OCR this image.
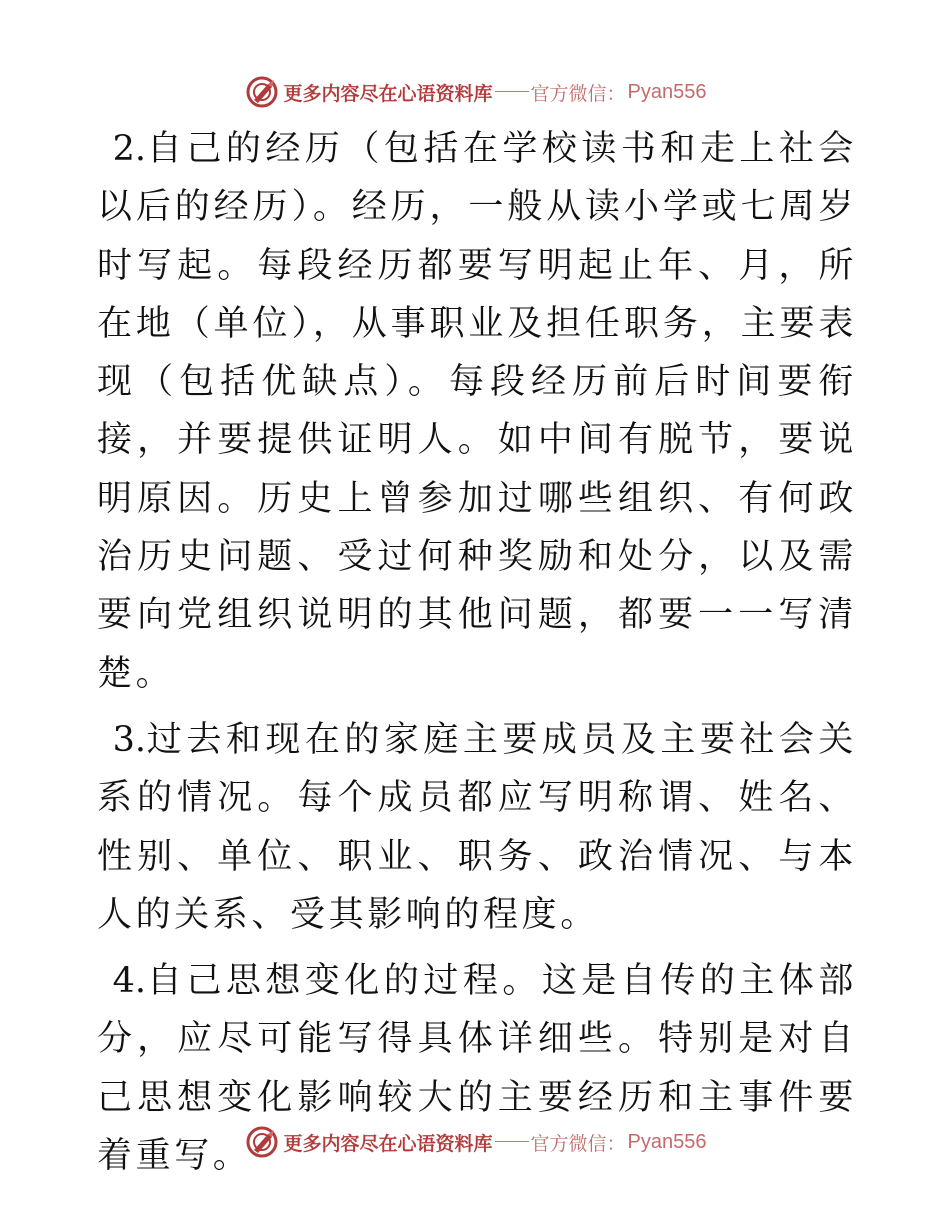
更多内容尽在心语资料库 官方微信： Pyan556

2.自己的经历（包括在学校读书和走上社会以后的经历）。经历，一般从读小学或七周岁时写起。每段经历都要写明起止年、月，所在地（单位），从事职业及担任职务，主要表现（包括优缺点）。每段经历前后时间要衔接，并要提供证明人。如中间有脱节，要说明原因。历史上曾参加过哪些组织、有何政治历史问题、受过何种奖励和处分，以及需要向党组织说明的其他问题，都要一一写清楚。

3.过去和现在的家庭主要成员及主要社会关系的情况。每个成员都应写明称谓、姓名、性别、单位、职业、职务、政治情况、与本人的关系、受其影响的程度。

4.自己思想变化的过程。这是自传的主体部分，应尽可能写得具体详细些。特别是对自己思想变化影响较大的主要经历和主事件要着重写。	更多内容尽在心语资料库 官方微信： Pyan556
